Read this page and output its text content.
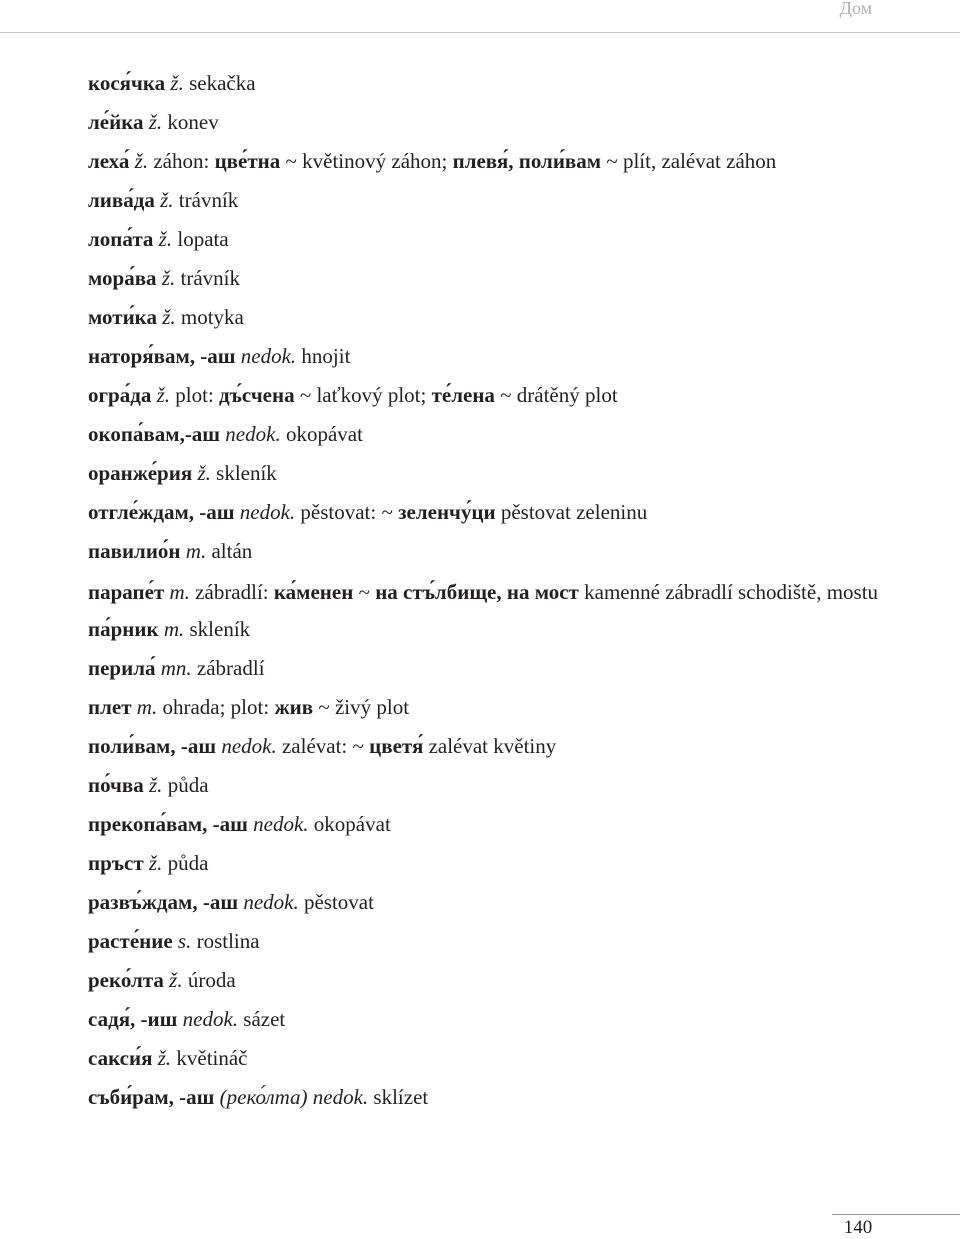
Дом

кося́чка ž. sekačka

ле́йка ž. konev

леха́ ž. záhon: цве́тна ~ květinový záhon; плевя́, поли́вам ~ plít, zalévat záhon

лива́да ž. trávník

лопа́та ž. lopata

мора́ва ž. trávník

моти́ка ž. motyka

наторя́вам, -аш nedok. hnojit

огра́да ž. plot: дъ́счена ~ laťkový plot; те́лена ~ drátěný plot

окопа́вам,-аш nedok. okopávat

оранже́рия ž. skleník

отгле́ждам, -аш nedok. pěstovat: ~ зеленчу́ци pěstovat zeleninu

павилио́н m. altán

парапе́т m. zábradlí: ка́менен ~ на стъ́лбище, на мост kamenné zábradlí schodiště, mostu

па́рник m. skleník

перила́ mn. zábradlí

плет m. ohrada; plot: жив ~ živý plot

поли́вам, -аш nedok. zalévat: ~ цветя́ zalévat květiny

по́чва ž. půda

прекопа́вам, -аш nedok. okopávat

пръст ž. půda

развъ́ждам, -аш nedok. pěstovat

расте́ние s. rostlina

реко́лта ž. úroda

садя́, -иш nedok. sázet

сакси́я ž. květináč

съби́рам, -аш (реко́лта) nedok. sklízet

140
